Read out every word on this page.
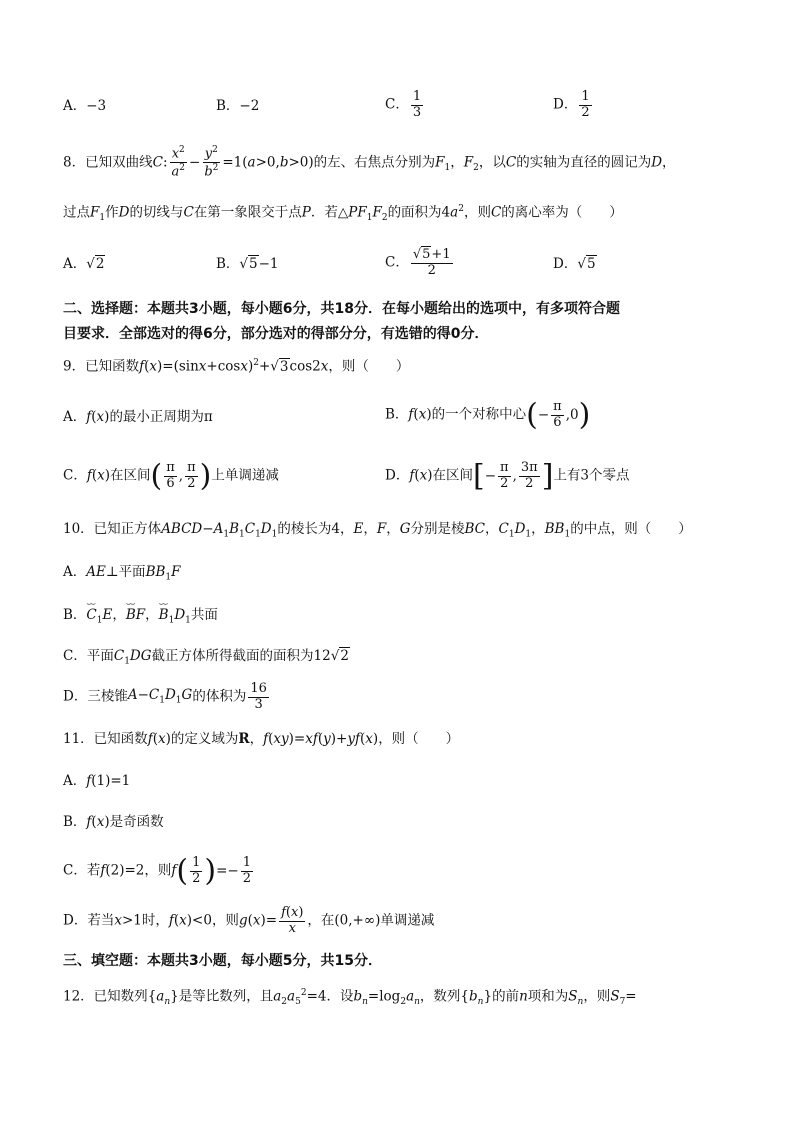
A．−3	B．−2	C． $\frac{1}{3}$	D． $\frac{1}{2}$
8．已知双曲线C: $\frac{x^2}{a^2} - \frac{y^2}{b^2} =1(a>0,b>0)$的左、右焦点分别为$F_1$，$F_2$，以C的实轴为直径的圆记为D，
过点$F_1$作D的切线与C在第一象限交于点P．若$\triangle PF_1F_2$的面积为$4a^2$，则C的离心率为（　　）
A．√2	B．√5−1	C． $\frac{√5+1}{2}$	D．√5
二、选择题：本题共3小题，每小题6分，共18分．在每小题给出的选项中，有多项符合题
目要求．全部选对的得6分，部分选对的得部分分，有选错的得0分．
9．已知函数$f(x)=(\sin x+\cos x)^2+√3\cos 2x$，则（　　）
A．f(x)的最小正周期为π	B．f(x)的一个对称中心(− $\frac{\pi}{6} ,0$)
C．f(x)在区间( $\frac{\pi}{6}$ , $\frac{\pi}{2}$ )上单调递减	D．f(x)在区间[− $\frac{\pi}{2}$ , $\frac{3\pi}{2}$ ]上有3个零点
10．已知正方体$ABCD-A_1B_1C_1D_1$的棱长为4，E，F，G分别是棱BC，$C_1D_1$，$BB_1$的中点，则（　　）
A．AE⊥平面$BB_1F$
B．⌣⌣ $C_1E$，⌣⌣ BF，⌣⌣ $B_1D_1$共面
C．平面$C_1DG$截正方体所得截面的面积为12√2
D．三棱锥$A-C_1D_1G$的体积为 $\frac{16}{3}$
11．已知函数f(x)的定义域为R，f(xy)=xf(y)+yf(x)，则（　　）
A．f(1)=1
B．f(x)是奇函数
C．若f(2)=2，则$f( \frac{1}{2}$ )=− $\frac{1}{2}$
D．若当x>1时，f(x)<0，则$g(x)= \frac{f(x)}{x}$ ，在(0,+∞)单调递减
三、填空题：本题共3小题，每小题5分，共15分．
12．已知数列$\{a_n\}$是等比数列，且$a_2a_5^2=4$．设$b_n=\log_2a_n$，数列$\{b_n\}$的前n项和为$S_n$，则$S_7=$
